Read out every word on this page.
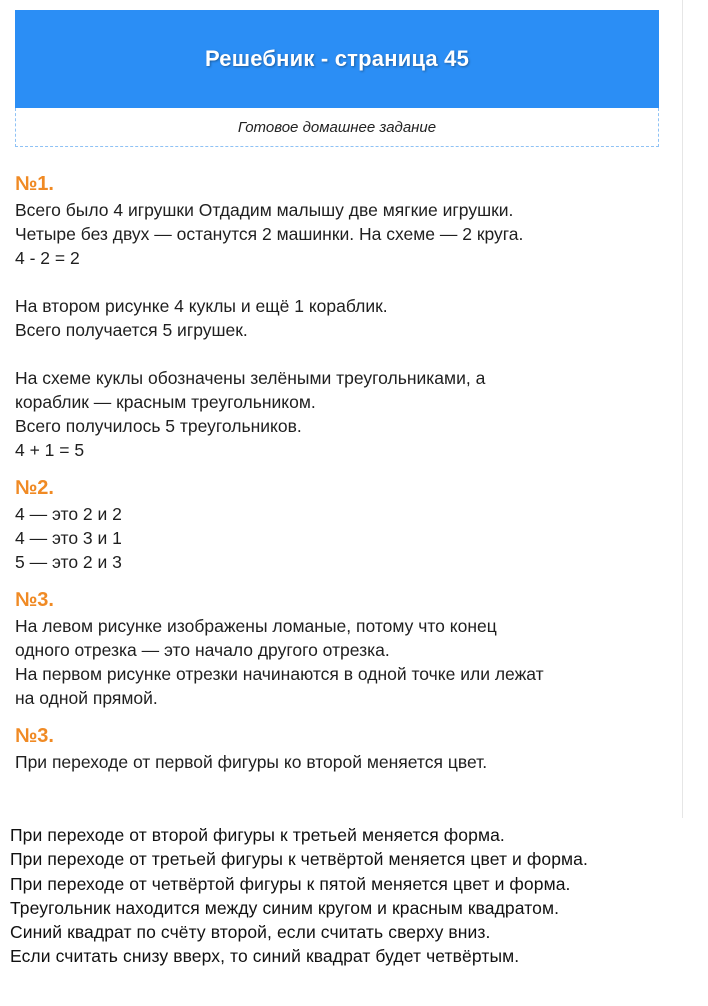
Решебник - страница 45
Готовое домашнее задание
№1.
Всего было 4 игрушки Отдадим малышу две мягкие игрушки.
Четыре без двух — останутся 2 машинки. На схеме — 2 круга.
4 - 2 = 2
На втором рисунке 4 куклы и ещё 1 кораблик.
Всего получается 5 игрушек.
На схеме куклы обозначены зелёными треугольниками, а
кораблик — красным треугольником.
Всего получилось 5 треугольников.
4 + 1 = 5
№2.
4 — это 2 и 2
4 — это 3 и 1
5 — это 2 и 3
№3.
На левом рисунке изображены ломаные, потому что конец
одного отрезка — это начало другого отрезка.
На первом рисунке отрезки начинаются в одной точке или лежат
на одной прямой.
№3.
При переходе от первой фигуры ко второй меняется цвет.
При переходе от второй фигуры к третьей меняется форма.
При переходе от третьей фигуры к четвёртой меняется цвет и форма.
При переходе от четвёртой фигуры к пятой меняется цвет и форма.
Треугольник находится между синим кругом и красным квадратом.
Синий квадрат по счёту второй, если считать сверху вниз.
Если считать снизу вверх, то синий квадрат будет четвёртым.
